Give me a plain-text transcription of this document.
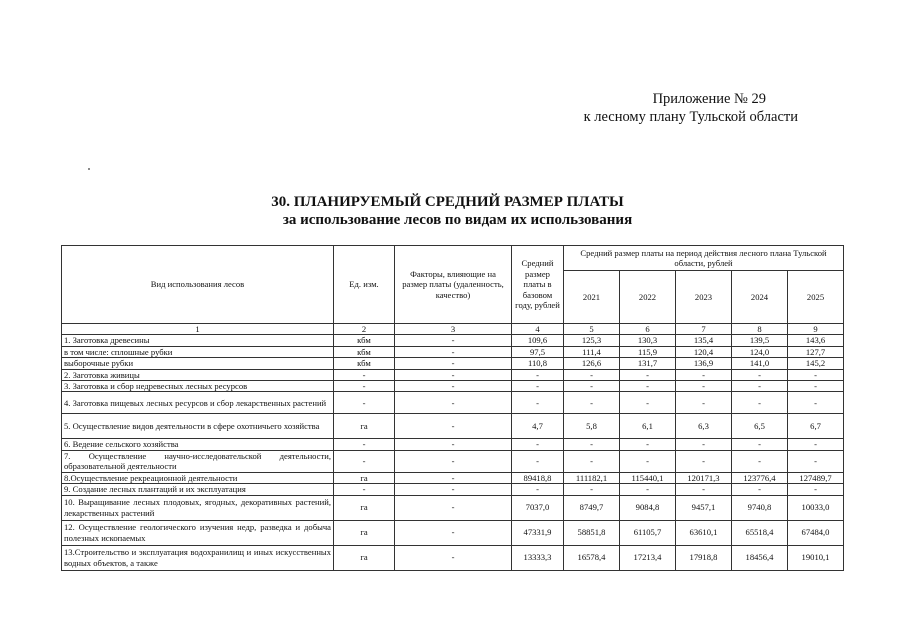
Приложение № 29
к лесному плану Тульской области
30. ПЛАНИРУЕМЫЙ СРЕДНИЙ РАЗМЕР ПЛАТЫ
за использование лесов по видам их использования
Вид использования лесов	Ед. изм.	Факторы, влияющие на размер платы (удаленность, качество)	Средний размер платы в базовом году, рублей	Средний размер платы на период действия лесного плана Тульской области, рублей				
				2021	2022	2023	2024	2025
1	2	3	4	5	6	7	8	9
1. Заготовка древесины	кбм	-	109,6	125,3	130,3	135,4	139,5	143,6
в том числе: сплошные рубки	кбм	-	97,5	111,4	115,9	120,4	124,0	127,7
выборочные рубки	кбм	-	110,8	126,6	131,7	136,9	141,0	145,2
2. Заготовка живицы	-	-	-	-	-	-	-	-
3. Заготовка и сбор недревесных лесных ресурсов	-	-	-	-	-	-	-	-
4. Заготовка пищевых лесных ресурсов и сбор лекарственных растений	-	-	-	-	-	-	-	-
5. Осуществление видов деятельности в сфере охотничьего хозяйства	га	-	4,7	5,8	6,1	6,3	6,5	6,7
6. Ведение сельского хозяйства	-	-	-	-	-	-	-	-
7. Осуществление научно-исследовательской деятельности, образовательной деятельности	-	-	-	-	-	-	-	-
8.Осуществление рекреационной деятельности	га	-	89418,8	111182,1	115440,1	120171,3	123776,4	127489,7
9. Создание лесных плантаций и их эксплуатация	-	-	-	-	-	-	-	-
10. Выращивание лесных плодовых, ягодных, декоративных растений, лекарственных растений	га	-	7037,0	8749,7	9084,8	9457,1	9740,8	10033,0
12. Осуществление геологического изучения недр, разведка и добыча полезных ископаемых	га	-	47331,9	58851,8	61105,7	63610,1	65518,4	67484,0
13.Строительство и эксплуатация водохранилищ и иных искусственных водных объектов, а также	га	-	13333,3	16578,4	17213,4	17918,8	18456,4	19010,1
